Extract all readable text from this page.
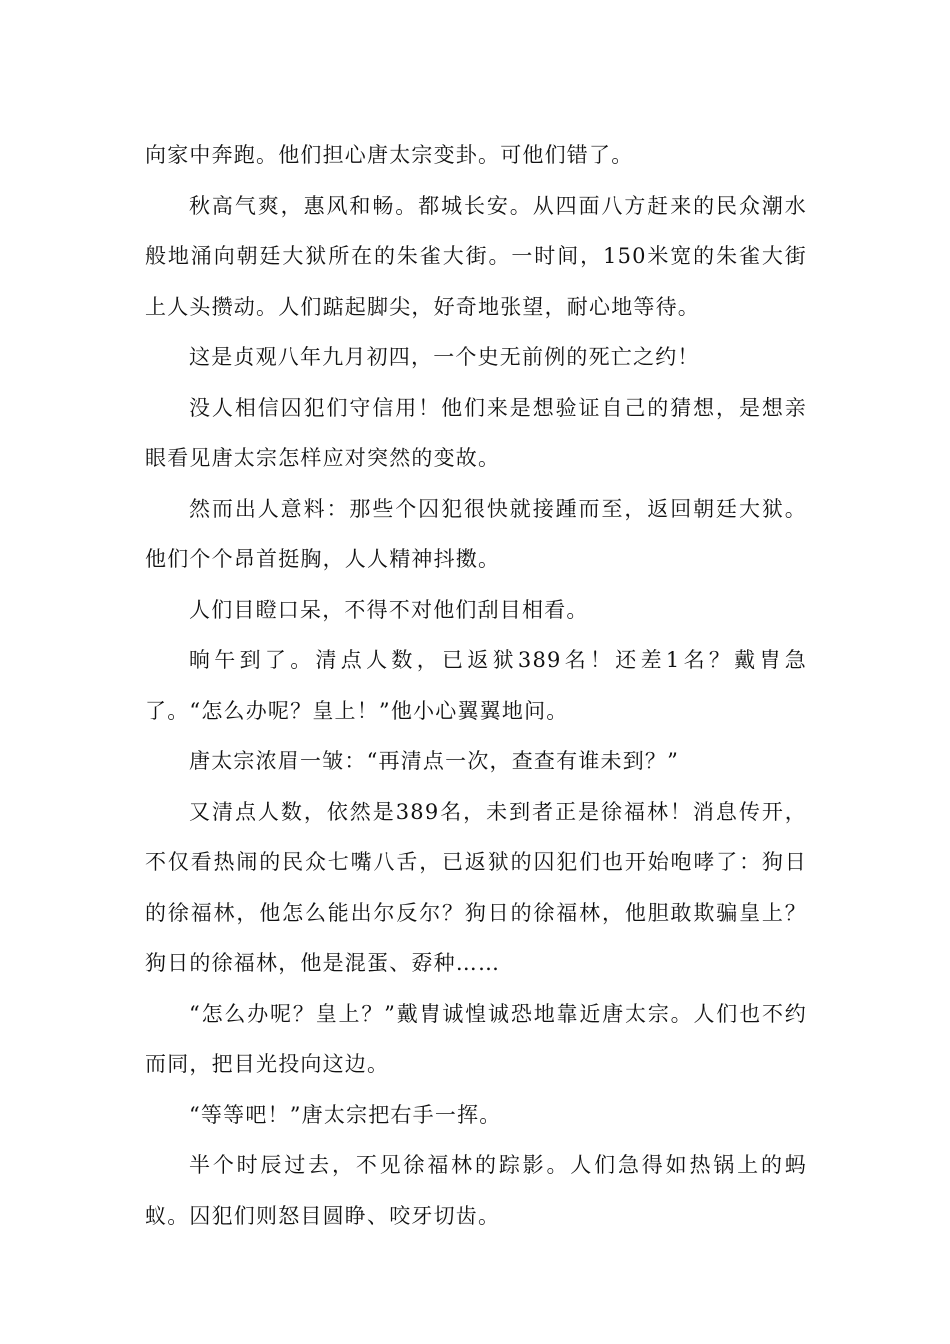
向家中奔跑。他们担心唐太宗变卦。可他们错了。

秋高气爽，惠风和畅。都城长安。从四面八方赶来的民众潮水般地涌向朝廷大狱所在的朱雀大街。一时间，150米宽的朱雀大街上人头攒动。人们踮起脚尖，好奇地张望，耐心地等待。

这是贞观八年九月初四，一个史无前例的死亡之约！

没人相信囚犯们守信用！他们来是想验证自己的猜想，是想亲眼看见唐太宗怎样应对突然的变故。

然而出人意料：那些个囚犯很快就接踵而至，返回朝廷大狱。他们个个昂首挺胸，人人精神抖擞。

人们目瞪口呆，不得不对他们刮目相看。

晌午到了。清点人数，已返狱389名！还差1名？戴胄急了。“怎么办呢？皇上！”他小心翼翼地问。

唐太宗浓眉一皱：“再清点一次，查查有谁未到？”

又清点人数，依然是389名，未到者正是徐福林！消息传开，不仅看热闹的民众七嘴八舌，已返狱的囚犯们也开始咆哮了：狗日的徐福林，他怎么能出尔反尔？狗日的徐福林，他胆敢欺骗皇上？狗日的徐福林，他是混蛋、孬种……

“怎么办呢？皇上？”戴胄诚惶诚恐地靠近唐太宗。人们也不约而同，把目光投向这边。

“等等吧！”唐太宗把右手一挥。

半个时辰过去，不见徐福林的踪影。人们急得如热锅上的蚂蚁。囚犯们则怒目圆睁、咬牙切齿。
